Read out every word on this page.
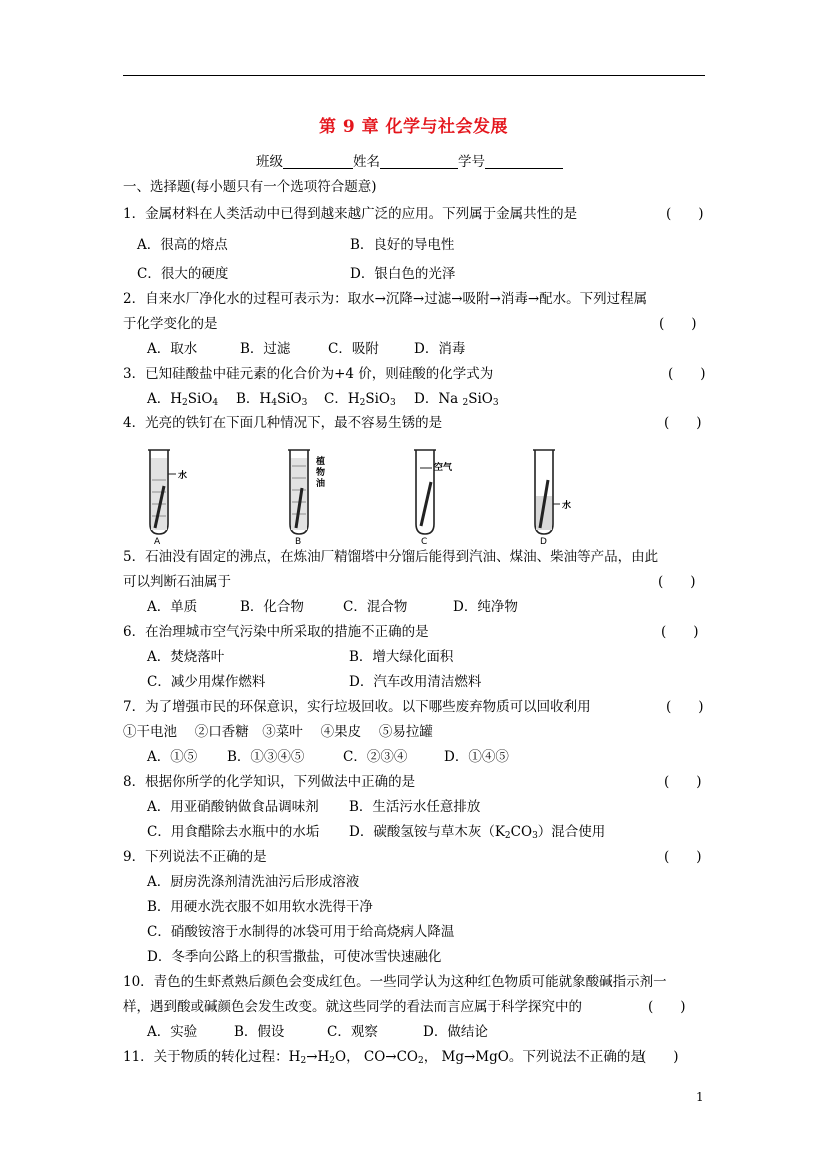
第 9 章 化学与社会发展
班级	姓名	学号
一、选择题(每小题只有一个选项符合题意)
1．金属材料在人类活动中已得到越来越广泛的应用。下列属于金属共性的是	(　　)
A．很高的熔点	B．良好的导电性
C．很大的硬度	D．银白色的光泽
2．自来水厂净化水的过程可表示为：取水→沉降→过滤→吸附→消毒→配水。下列过程属
于化学变化的是	(　　)
A．取水	B．过滤	C．吸附	D．消毒
3．已知硅酸盐中硅元素的化合价为+4 价，则硅酸的化学式为	(　　)
A．$H_2SiO_4$ B．$H_4SiO_3$ C．$H_2SiO_3$ D．Na $_2$SiO$_3$
4．光亮的铁钉在下面几种情况下，最不容易生锈的是	(　　)
水
A
植
物
油
B
空气
C
水
D
5．石油没有固定的沸点，在炼油厂精馏塔中分馏后能得到汽油、煤油、柴油等产品，由此
可以判断石油属于	(　　)
A．单质	B．化合物	C．混合物	D．纯净物
6．在治理城市空气污染中所采取的措施不正确的是	(　　)
A．焚烧落叶	B．增大绿化面积
C．减少用煤作燃料	D．汽车改用清洁燃料
7．为了增强市民的环保意识，实行垃圾回收。以下哪些废弃物质可以回收利用	(　　)
①干电池　 ②口香糖　③菜叶　 ④果皮　 ⑤易拉罐
A．①⑤ B．①③④⑤	C．②③④	D．①④⑤
8．根据你所学的化学知识，下列做法中正确的是	(　　)
A．用亚硝酸钠做食品调味剂 B．生活污水任意排放
C．用食醋除去水瓶中的水垢 D．碳酸氢铵与草木灰$(K_2CO_3)$混合使用
9．下列说法不正确的是	(　　)
A．厨房洗涤剂清洗油污后形成溶液
B．用硬水洗衣服不如用软水洗得干净
C．硝酸铵溶于水制得的冰袋可用于给高烧病人降温
D．冬季向公路上的积雪撒盐，可使冰雪快速融化
10．青色的生虾煮熟后颜色会变成红色。一些同学认为这种红色物质可能就象酸碱指示剂一
样，遇到酸或碱颜色会发生改变。就这些同学的看法而言应属于科学探究中的	(　　)
A．实验	B．假设	C．观察	D．做结论
11．关于物质的转化过程：$H_2\to H_2O$， $CO\to CO_2$， Mg→MgO。下列说法不正确的是
(　　)
1
